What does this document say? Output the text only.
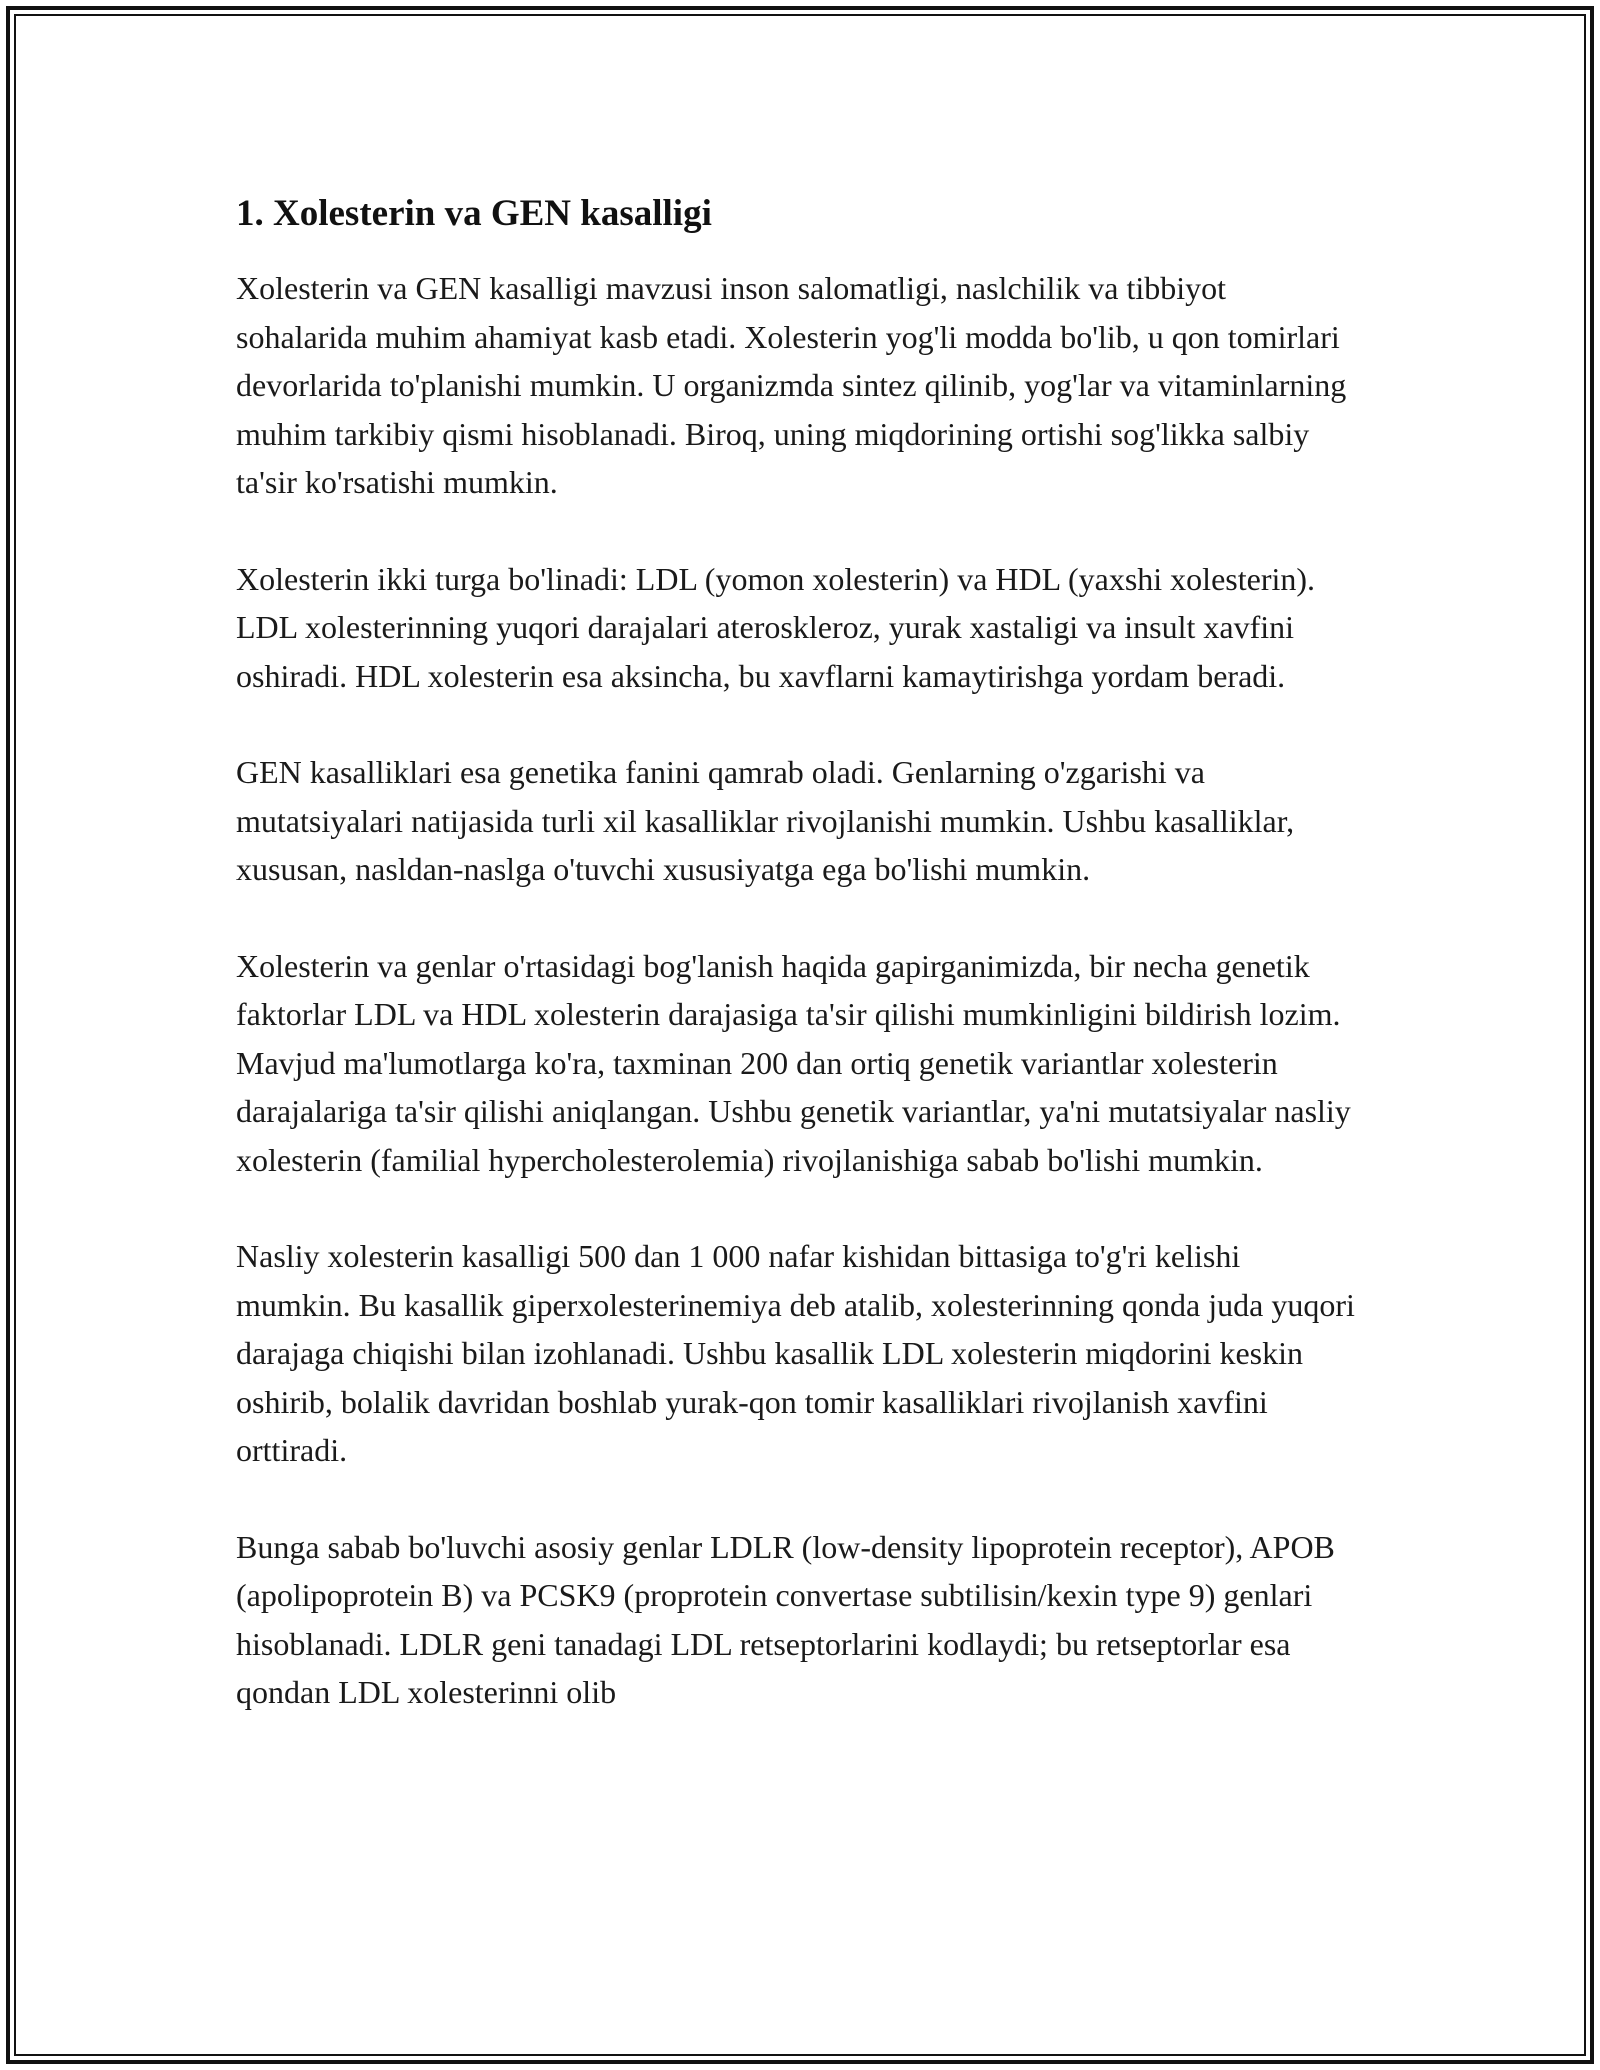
1. Xolesterin va GEN kasalligi

Xolesterin va GEN kasalligi mavzusi inson salomatligi, naslchilik va tibbiyot sohalarida muhim ahamiyat kasb etadi. Xolesterin yog'li modda bo'lib, u qon tomirlari devorlarida to'planishi mumkin. U organizmda sintez qilinib, yog'lar va vitaminlarning muhim tarkibiy qismi hisoblanadi. Biroq, uning miqdorining ortishi sog'likka salbiy ta'sir ko'rsatishi mumkin.

Xolesterin ikki turga bo'linadi: LDL (yomon xolesterin) va HDL (yaxshi xolesterin). LDL xolesterinning yuqori darajalari ateroskleroz, yurak xastaligi va insult xavfini oshiradi. HDL xolesterin esa aksincha, bu xavflarni kamaytirishga yordam beradi.

GEN kasalliklari esa genetika fanini qamrab oladi. Genlarning o'zgarishi va mutatsiyalari natijasida turli xil kasalliklar rivojlanishi mumkin. Ushbu kasalliklar, xususan, nasldan-naslga o'tuvchi xususiyatga ega bo'lishi mumkin.

Xolesterin va genlar o'rtasidagi bog'lanish haqida gapirganimizda, bir necha genetik faktorlar LDL va HDL xolesterin darajasiga ta'sir qilishi mumkinligini bildirish lozim. Mavjud ma'lumotlarga ko'ra, taxminan 200 dan ortiq genetik variantlar xolesterin darajalariga ta'sir qilishi aniqlangan. Ushbu genetik variantlar, ya'ni mutatsiyalar nasliy xolesterin (familial hypercholesterolemia) rivojlanishiga sabab bo'lishi mumkin.

Nasliy xolesterin kasalligi 500 dan 1 000 nafar kishidan bittasiga to'g'ri kelishi mumkin. Bu kasallik giperxolesterinemiya deb atalib, xolesterinning qonda juda yuqori darajaga chiqishi bilan izohlanadi. Ushbu kasallik LDL xolesterin miqdorini keskin oshirib, bolalik davridan boshlab yurak-qon tomir kasalliklari rivojlanish xavfini orttiradi.

Bunga sabab bo'luvchi asosiy genlar LDLR (low-density lipoprotein receptor), APOB (apolipoprotein B) va PCSK9 (proprotein convertase subtilisin/kexin type 9) genlari hisoblanadi. LDLR geni tanadagi LDL retseptorlarini kodlaydi; bu retseptorlar esa qondan LDL xolesterinni olib
